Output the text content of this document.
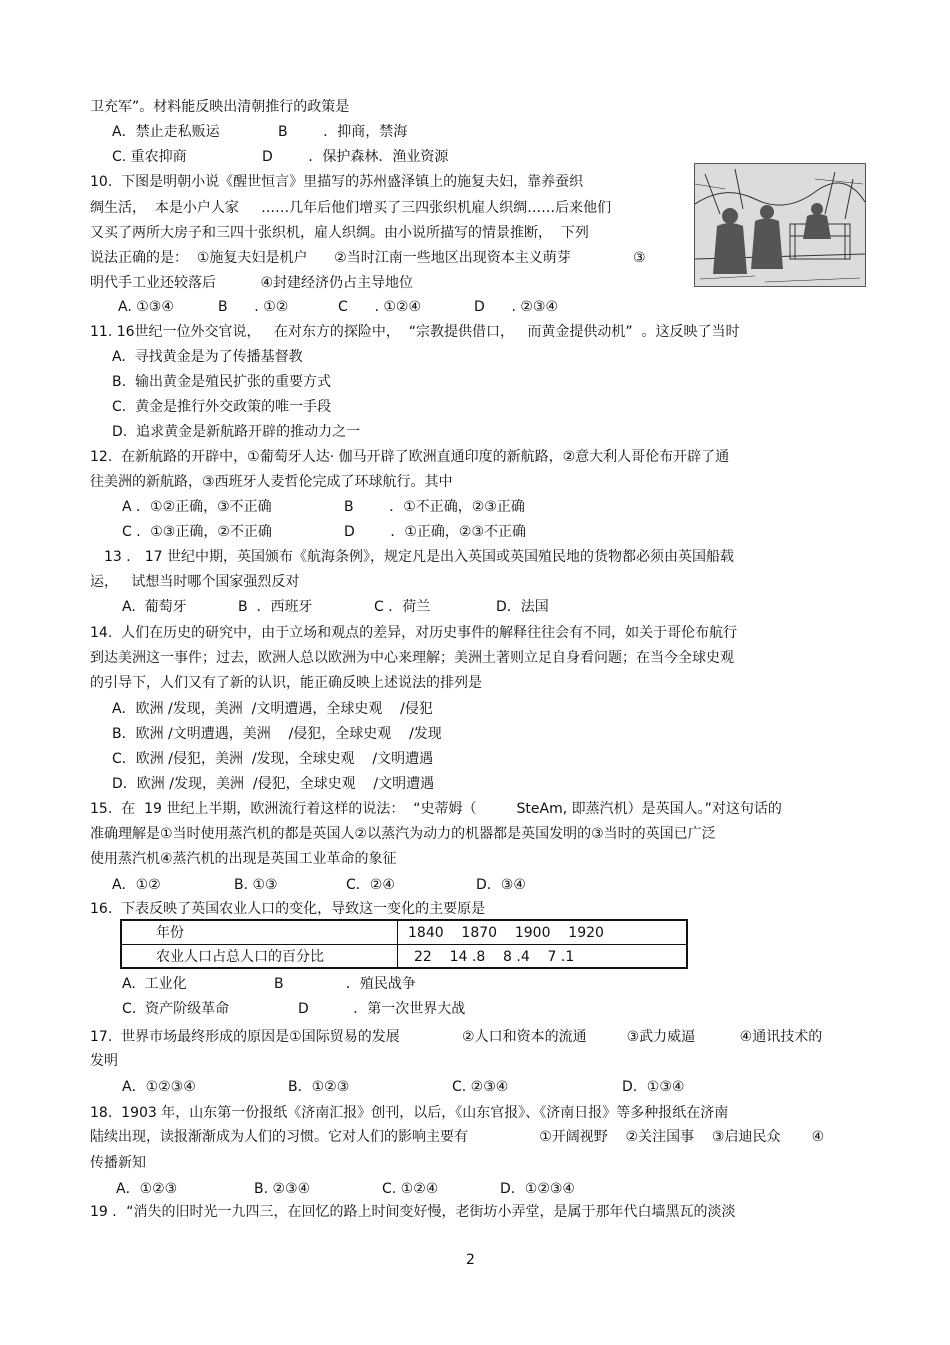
卫充军”。材料能反映出清朝推行的政策是
A．禁止走私贩运	B        ．抑商，禁海
C. 重农抑商	D        ．保护森林．渔业资源
10.  下图是明朝小说《醒世恒言》里描写的苏州盛泽镇上的施复夫妇，靠养蚕织
绸生活，  本是小户人家     ……几年后他们增买了三四张织机雇人织绸……后来他们
又买了两所大房子和三四十张织机，雇人织绸。由小说所描写的情景推断，  下列
说法正确的是：  ①施复夫妇是机户      ②当时江南一些地区出现资本主义萌芽              ③
明代手工业还较落后          ④封建经济仍占主导地位
A. ①③④	B      . ①②	C      . ①②④	D      . ②③④
11. 16世纪一位外交官说，   在对东方的探险中，  “宗教提供借口，   而黄金提供动机”  。这反映了当时
A.  寻找黄金是为了传播基督教
B.  输出黄金是殖民扩张的重要方式
C.  黄金是推行外交政策的唯一手段
D.  追求黄金是新航路开辟的推动力之一
12.  在新航路的开辟中，①葡萄牙人达· 伽马开辟了欧洲直通印度的新航路，②意大利人哥伦布开辟了通
往美洲的新航路，③西班牙人麦哲伦完成了环球航行。其中
A ．①②正确，③不正确	B        ．①不正确，②③正确
C ．①③正确，②不正确	D        ．①正确，②③不正确
13 ． 17 世纪中期，英国颁布《航海条例》，规定凡是出入英国或英国殖民地的货物都必须由英国船载
运，   试想当时哪个国家强烈反对
A.  葡萄牙	B  ．西班牙	C ．荷兰	D．法国
14.  人们在历史的研究中，由于立场和观点的差异，对历史事件的解释往往会有不同，如关于哥伦布航行
到达美洲这一事件；过去，欧洲人总以欧洲为中心来理解；美洲土著则立足自身看问题；在当今全球史观
的引导下，人们又有了新的认识，能正确反映上述说法的排列是
A．欧洲 /发现，美洲  /文明遭遇，全球史观    /侵犯
B．欧洲 /文明遭遇，美洲    /侵犯，全球史观    /发现
C．欧洲 /侵犯，美洲  /发现，全球史观    /文明遭遇
D．欧洲 /发现，美洲  /侵犯，全球史观    /文明遭遇
15.  在  19 世纪上半期，欧洲流行着这样的说法：  “史蒂姆（         SteAm, 即蒸汽机）是英国人。”对这句话的
准确理解是①当时使用蒸汽机的都是英国人②以蒸汽为动力的机器都是英国发明的③当时的英国已广泛
使用蒸汽机④蒸汽机的出现是英国工业革命的象征
A．①②	B. ①③	C．②④	D．③④
16.  下表反映了英国农业人口的变化，导致这一变化的主要原是
年份	1840    1870    1900    1920
农业人口占总人口的百分比	22    14 .8    8 .4    7 .1
A.  工业化	B              ．殖民战争
C.  资产阶级革命	D          ．第一次世界大战
17.  世界市场最终形成的原因是①国际贸易的发展              ②人口和资本的流通         ③武力威逼          ④通讯技术的
发明
A．①②③④	B．①②③	C. ②③④	D．①③④
18.  1903 年，山东第一份报纸《济南汇报》创刊，以后，《山东官报》、《济南日报》等多种报纸在济南
陆续出现，读报渐渐成为人们的习惯。它对人们的影响主要有                ①开阔视野    ②关注国事    ③启迪民众       ④
传播新知
A．①②③	B. ②③④	C. ①②④	D．①②③④
19 ．“消失的旧时光一九四三，在回忆的路上时间变好慢，老街坊小弄堂，是属于那年代白墙黑瓦的淡淡
2
